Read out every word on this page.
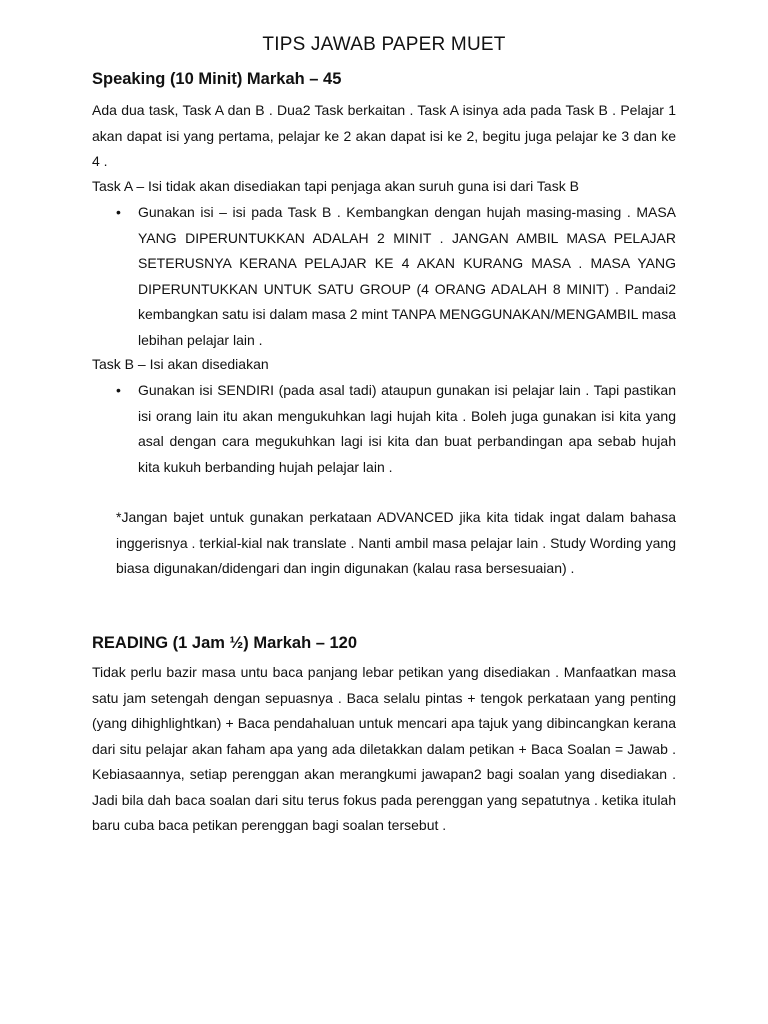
TIPS JAWAB PAPER MUET
Speaking (10 Minit) Markah – 45
Ada dua task, Task A dan B . Dua2 Task berkaitan . Task A isinya ada pada Task B . Pelajar 1 akan dapat isi yang pertama, pelajar ke 2 akan dapat isi ke 2, begitu juga pelajar ke 3 dan ke 4 .
Task A – Isi tidak akan disediakan tapi penjaga akan suruh guna isi dari Task B
• Gunakan isi – isi pada Task B . Kembangkan dengan hujah masing-masing . MASA YANG DIPERUNTUKKAN ADALAH 2 MINIT . JANGAN AMBIL MASA PELAJAR SETERUSNYA KERANA PELAJAR KE 4 AKAN KURANG MASA . MASA YANG DIPERUNTUKKAN UNTUK SATU GROUP (4 ORANG ADALAH 8 MINIT) . Pandai2 kembangkan satu isi dalam masa 2 mint TANPA MENGGUNAKAN/MENGAMBIL masa lebihan pelajar lain .
Task B – Isi akan disediakan
• Gunakan isi SENDIRI (pada asal tadi) ataupun gunakan isi pelajar lain . Tapi pastikan isi orang lain itu akan mengukuhkan lagi hujah kita . Boleh juga gunakan isi kita yang asal dengan cara megukuhkan lagi isi kita dan buat perbandingan apa sebab hujah kita kukuh berbanding hujah pelajar lain .
*Jangan bajet untuk gunakan perkataan ADVANCED jika kita tidak ingat dalam bahasa inggerisnya . terkial-kial nak translate . Nanti ambil masa pelajar lain . Study Wording yang biasa digunakan/didengari dan ingin digunakan (kalau rasa bersesuaian) .
READING (1 Jam ½) Markah – 120
Tidak perlu bazir masa untu baca panjang lebar petikan yang disediakan . Manfaatkan masa satu jam setengah dengan sepuasnya . Baca selalu pintas + tengok perkataan yang penting (yang dihighlightkan) + Baca pendahaluan untuk mencari apa tajuk yang dibincangkan kerana dari situ pelajar akan faham apa yang ada diletakkan dalam petikan + Baca Soalan = Jawab . Kebiasaannya, setiap perenggan akan merangkumi jawapan2 bagi soalan yang disediakan . Jadi bila dah baca soalan dari situ terus fokus pada perenggan yang sepatutnya . ketika itulah baru cuba baca petikan perenggan bagi soalan tersebut .
